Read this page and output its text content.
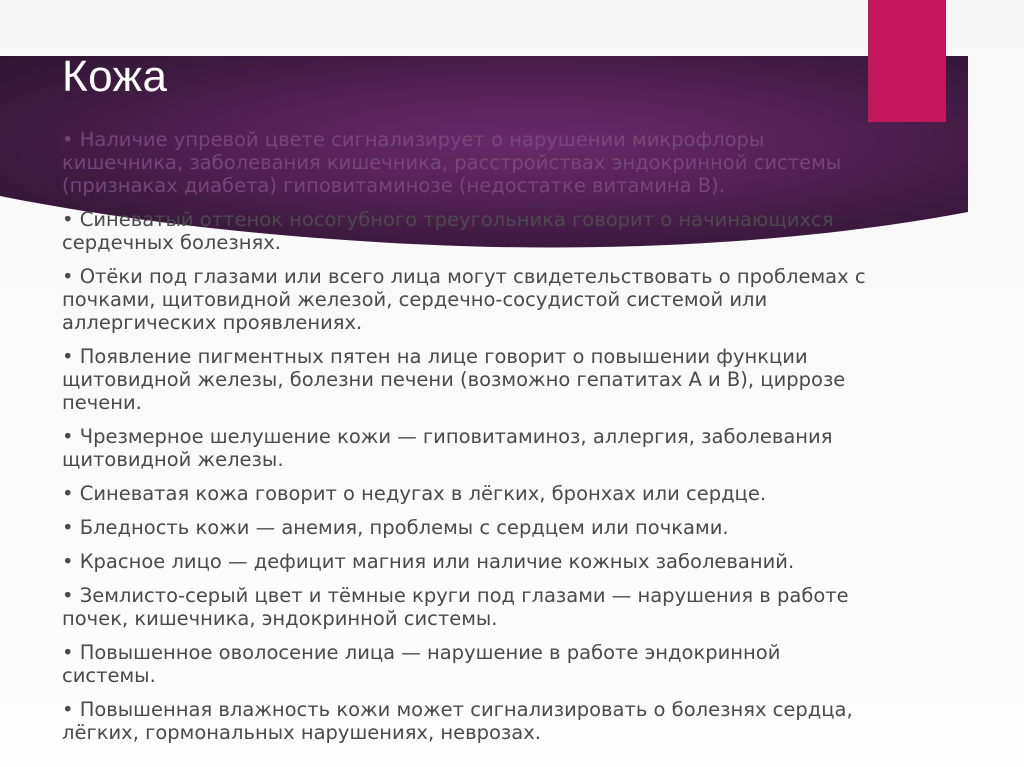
Кожа
• Наличие упревой цвете сигнализирует о нарушении микрофлоры
кишечника, заболевания кишечника, расстройствах эндокринной системы
(признаках диабета) гиповитаминозе (недостатке витамина В).
• Синеватый оттенок носогубного треугольника говорит о начинающихся
сердечных болезнях.
• Отёки под глазами или всего лица могут свидетельствовать о проблемах с
почками, щитовидной железой, сердечно-сосудистой системой или
аллергических проявлениях.
• Появление пигментных пятен на лице говорит о повышении функции
щитовидной железы, болезни печени (возможно гепатитах А и В), циррозе
печени.
• Чрезмерное шелушение кожи — гиповитаминоз, аллергия, заболевания
щитовидной железы.
• Синеватая кожа говорит о недугах в лёгких, бронхах или сердце.
• Бледность кожи — анемия, проблемы с сердцем или почками.
• Красное лицо — дефицит магния или наличие кожных заболеваний.
• Землисто-серый цвет и тёмные круги под глазами — нарушения в работе
почек, кишечника, эндокринной системы.
• Повышенное оволосение лица — нарушение в работе эндокринной
системы.
• Повышенная влажность кожи может сигнализировать о болезнях сердца,
лёгких, гормональных нарушениях, неврозах.
